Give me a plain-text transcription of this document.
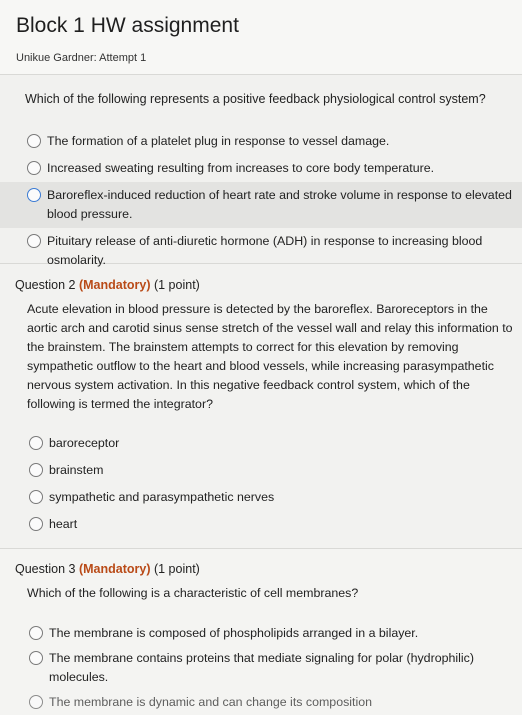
Block 1 HW assignment
Unikue Gardner: Attempt 1
Which of the following represents a positive feedback physiological control system?
The formation of a platelet plug in response to vessel damage.
Increased sweating resulting from increases to core body temperature.
Baroreflex-induced reduction of heart rate and stroke volume in response to elevated blood pressure.
Pituitary release of anti-diuretic hormone (ADH) in response to increasing blood osmolarity.
Question 2 (Mandatory) (1 point)
Acute elevation in blood pressure is detected by the baroreflex. Baroreceptors in the aortic arch and carotid sinus sense stretch of the vessel wall and relay this information to the brainstem. The brainstem attempts to correct for this elevation by removing sympathetic outflow to the heart and blood vessels, while increasing parasympathetic nervous system activation. In this negative feedback control system, which of the following is termed the integrator?
baroreceptor
brainstem
sympathetic and parasympathetic nerves
heart
Question 3 (Mandatory) (1 point)
Which of the following is a characteristic of cell membranes?
The membrane is composed of phospholipids arranged in a bilayer.
The membrane contains proteins that mediate signaling for polar (hydrophilic) molecules.
The membrane is dynamic and can change its composition
